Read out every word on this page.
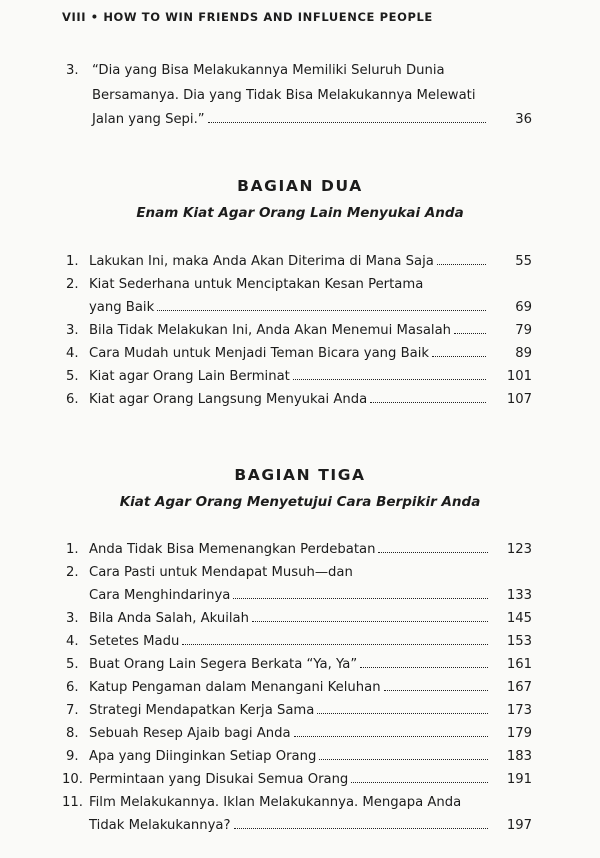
VIII • HOW TO WIN FRIENDS AND INFLUENCE PEOPLE
3. “Dia yang Bisa Melakukannya Memiliki Seluruh Dunia
Bersamanya. Dia yang Tidak Bisa Melakukannya Melewati
Jalan yang Sepi.”	36
BAGIAN DUA
Enam Kiat Agar Orang Lain Menyukai Anda
BAGIAN TIGA
Kiat Agar Orang Menyetujui Cara Berpikir Anda
1. Lakukan Ini, maka Anda Akan Diterima di Mana Saja	55
2. Kiat Sederhana untuk Menciptakan Kesan Pertama
yang Baik	69
3. Bila Tidak Melakukan Ini, Anda Akan Menemui Masalah	79
4. Cara Mudah untuk Menjadi Teman Bicara yang Baik	89
5. Kiat agar Orang Lain Berminat	101
6. Kiat agar Orang Langsung Menyukai Anda	107
1. Anda Tidak Bisa Memenangkan Perdebatan	123
2. Cara Pasti untuk Mendapat Musuh—dan
Cara Menghindarinya	133
3. Bila Anda Salah, Akuilah	145
4. Setetes Madu	153
5. Buat Orang Lain Segera Berkata “Ya, Ya”	161
6. Katup Pengaman dalam Menangani Keluhan	167
7. Strategi Mendapatkan Kerja Sama	173
8. Sebuah Resep Ajaib bagi Anda	179
9. Apa yang Diinginkan Setiap Orang	183
10. Permintaan yang Disukai Semua Orang	191
11. Film Melakukannya. Iklan Melakukannya. Mengapa Anda
Tidak Melakukannya?	197
